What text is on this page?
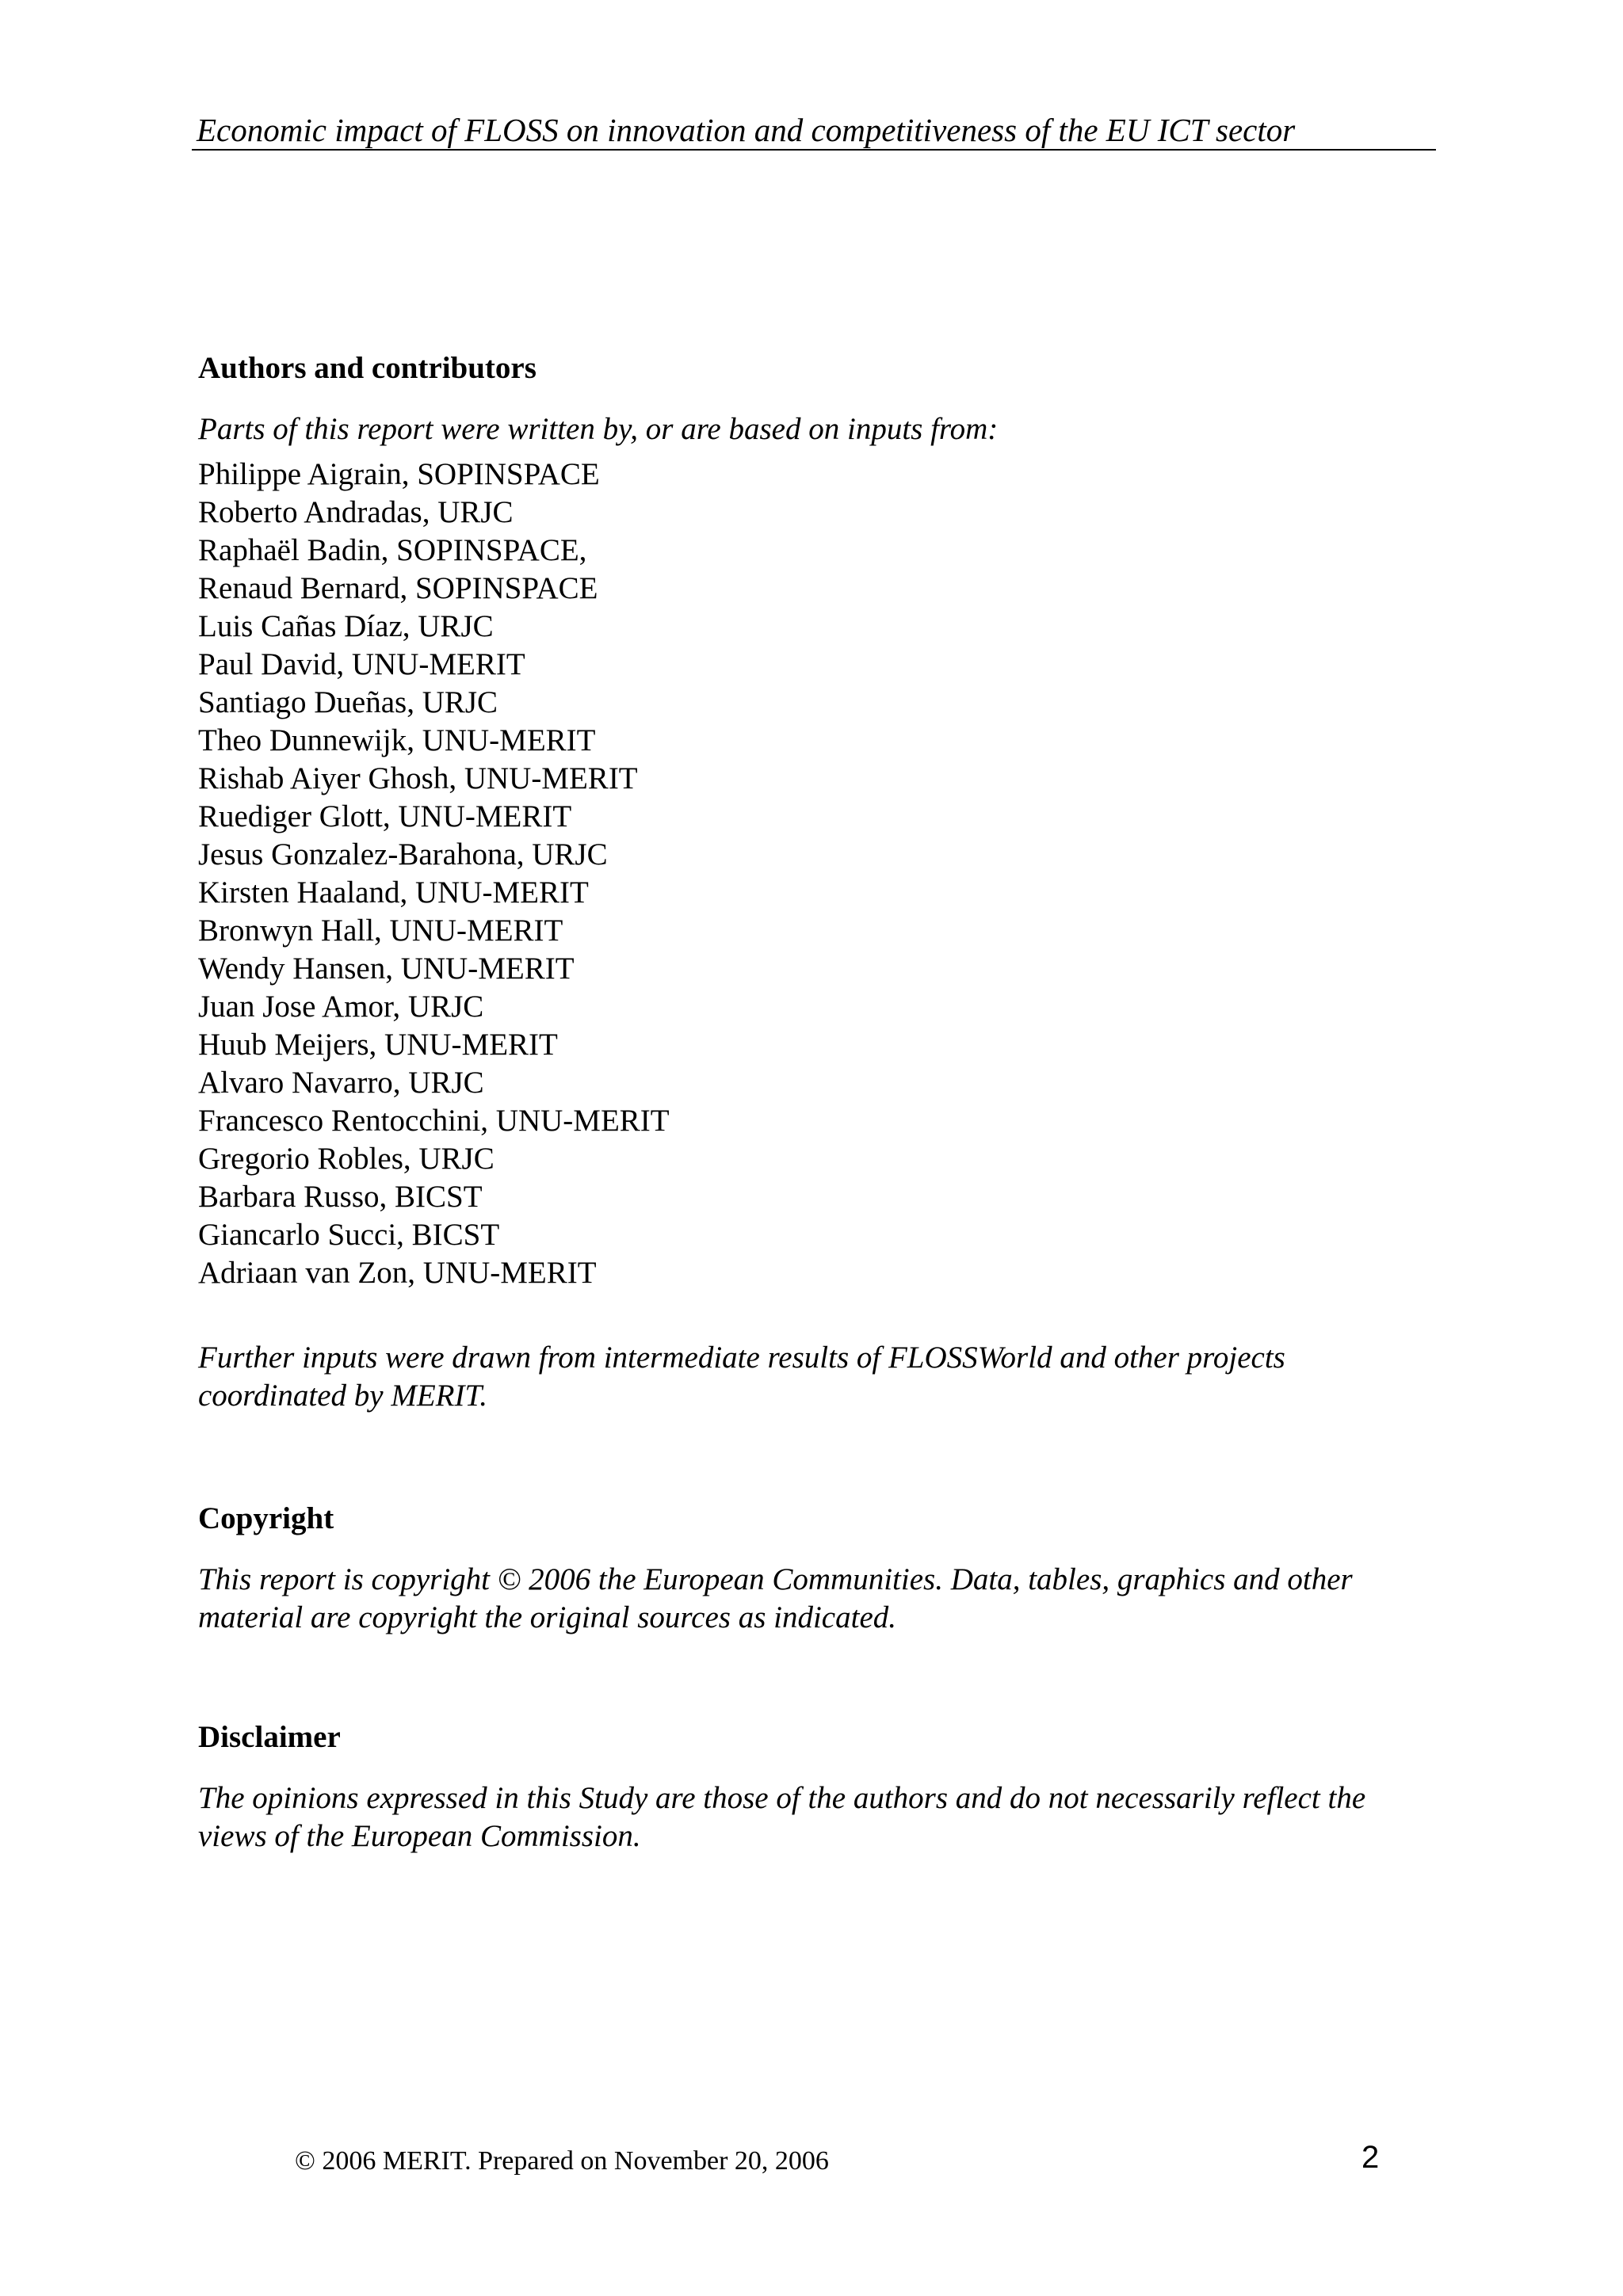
Economic impact of FLOSS on innovation and competitiveness of the EU ICT sector
Authors and contributors
Parts of this report were written by, or are based on inputs from:
Philippe Aigrain, SOPINSPACE
Roberto Andradas, URJC
Raphaël Badin, SOPINSPACE,
Renaud Bernard, SOPINSPACE
Luis Cañas Díaz, URJC
Paul David, UNU-MERIT
Santiago Dueñas, URJC
Theo Dunnewijk, UNU-MERIT
Rishab Aiyer Ghosh, UNU-MERIT
Ruediger Glott, UNU-MERIT
Jesus Gonzalez-Barahona, URJC
Kirsten Haaland, UNU-MERIT
Bronwyn Hall, UNU-MERIT
Wendy Hansen, UNU-MERIT
Juan Jose Amor, URJC
Huub Meijers, UNU-MERIT
Alvaro Navarro, URJC
Francesco Rentocchini, UNU-MERIT
Gregorio Robles, URJC
Barbara Russo, BICST
Giancarlo Succi, BICST
Adriaan van Zon, UNU-MERIT
Further inputs were drawn from intermediate results of FLOSSWorld and other projects coordinated by MERIT.
Copyright
This report is copyright © 2006 the European Communities. Data, tables, graphics and other material are copyright the original sources as indicated.
Disclaimer
The opinions expressed in this Study are those of the authors and do not necessarily reflect the views of the European Commission.
© 2006 MERIT. Prepared on November 20, 2006	2
